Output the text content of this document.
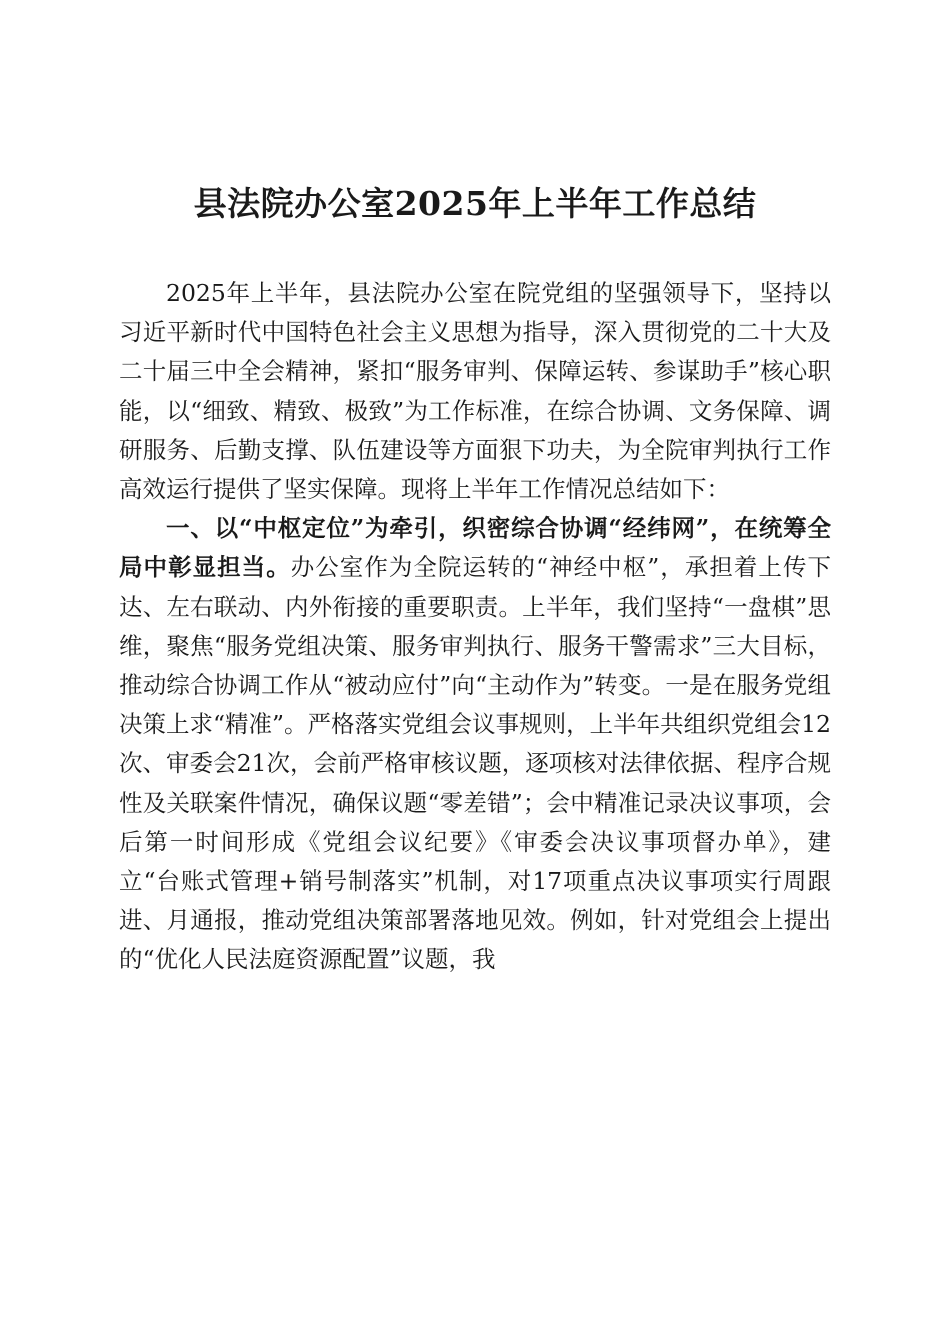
县法院办公室2025年上半年工作总结

2025年上半年，县法院办公室在院党组的坚强领导下，坚持以习近平新时代中国特色社会主义思想为指导，深入贯彻党的二十大及二十届三中全会精神，紧扣“服务审判、保障运转、参谋助手”核心职能，以“细致、精致、极致”为工作标准，在综合协调、文务保障、调研服务、后勤支撑、队伍建设等方面狠下功夫，为全院审判执行工作高效运行提供了坚实保障。现将上半年工作情况总结如下：

一、以“中枢定位”为牵引，织密综合协调“经纬网”，在统筹全局中彰显担当。办公室作为全院运转的“神经中枢”，承担着上传下达、左右联动、内外衔接的重要职责。上半年，我们坚持“一盘棋”思维，聚焦“服务党组决策、服务审判执行、服务干警需求”三大目标，推动综合协调工作从“被动应付”向“主动作为”转变。一是在服务党组决策上求“精准”。严格落实党组会议事规则，上半年共组织党组会12次、审委会21次，会前严格审核议题，逐项核对法律依据、程序合规性及关联案件情况，确保议题“零差错”；会中精准记录决议事项，会后第一时间形成《党组会议纪要》《审委会决议事项督办单》，建立“台账式管理+销号制落实”机制，对17项重点决议事项实行周跟进、月通报，推动党组决策部署落地见效。例如，针对党组会上提出的“优化人民法庭资源配置”议题，我
